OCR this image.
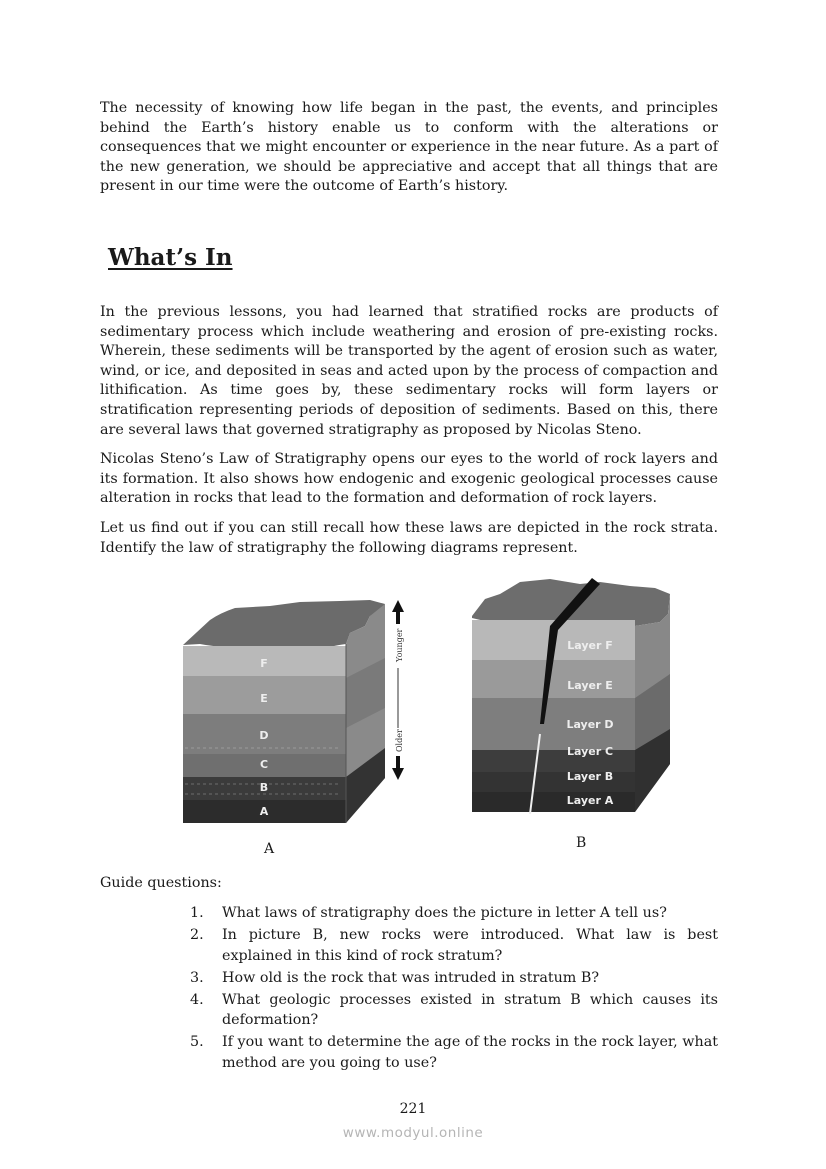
The necessity of knowing how life began in the past, the events, and principles behind the Earth’s history enable us to conform with the alterations or consequences that we might encounter or experience in the near future. As a part of the new generation, we should be appreciative and accept that all things that are present in our time were the outcome of Earth’s history.

What’s In

In the previous lessons, you had learned that stratified rocks are products of sedimentary process which include weathering and erosion of pre-existing rocks. Wherein, these sediments will be transported by the agent of erosion such as water, wind, or ice, and deposited in seas and acted upon by the process of compaction and lithification. As time goes by, these sedimentary rocks will form layers or stratification representing periods of deposition of sediments. Based on this, there are several laws that governed stratigraphy as proposed by Nicolas Steno.

Nicolas Steno’s Law of Stratigraphy opens our eyes to the world of rock layers and its formation. It also shows how endogenic and exogenic geological processes cause alteration in rocks that lead to the formation and deformation of rock layers.

Let us find out if you can still recall how these laws are depicted in the rock strata. Identify the law of stratigraphy the following diagrams represent.

F
E
D
C
B
A
Younger
Older
A
Layer F
Layer E
Layer D
Layer C
Layer B
Layer A
B

Guide questions:

1. What laws of stratigraphy does the picture in letter A tell us?
2. In picture B, new rocks were introduced. What law is best explained in this kind of rock stratum?
3. How old is the rock that was intruded in stratum B?
4. What geologic processes existed in stratum B which causes its deformation?
5. If you want to determine the age of the rocks in the rock layer, what method are you going to use?
221
www.modyul.online
